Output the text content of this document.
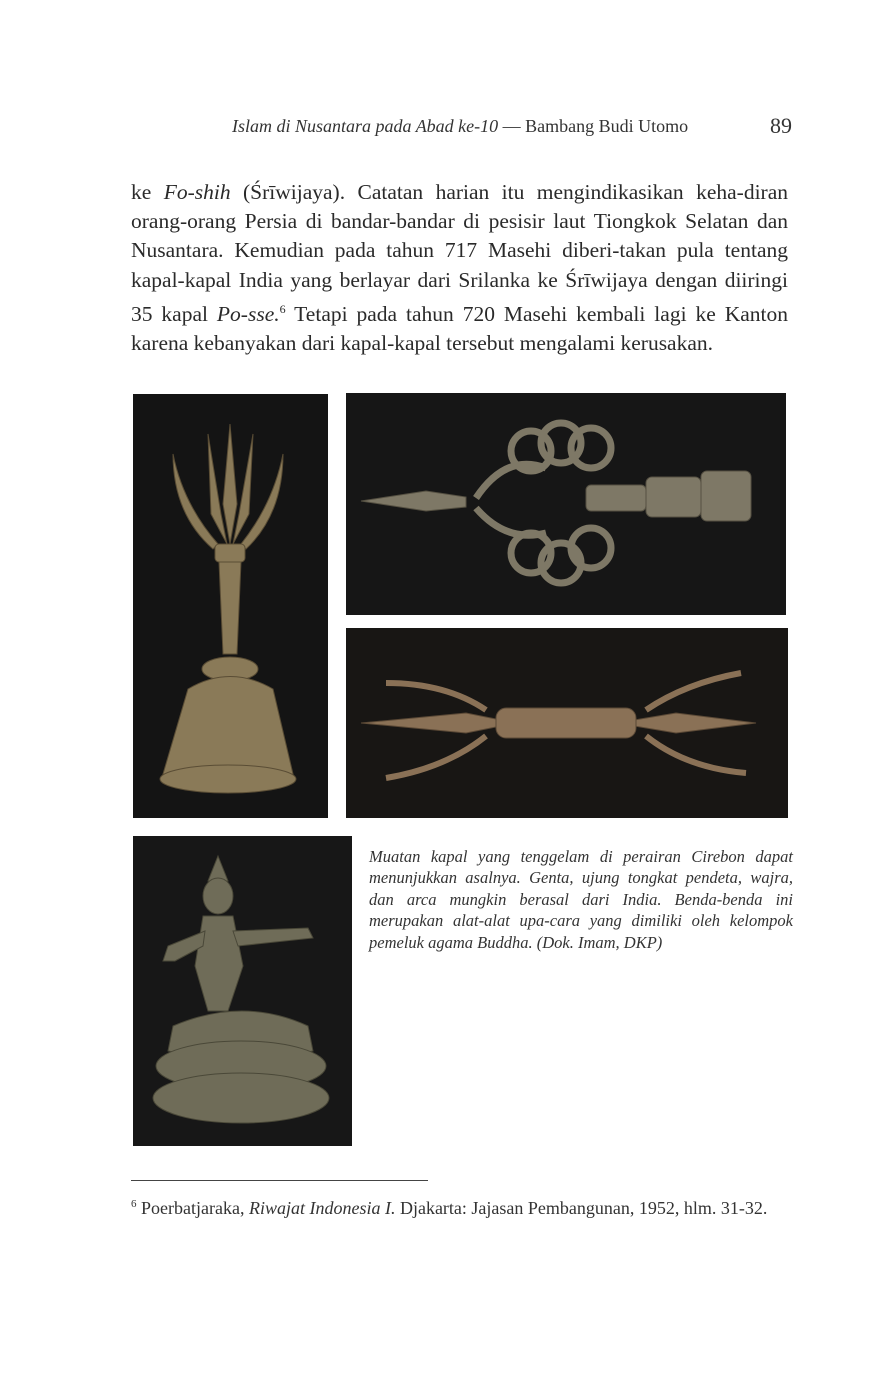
Islam di Nusantara pada Abad ke-10 — Bambang Budi Utomo	89

ke Fo-shih (Śrīwijaya). Catatan harian itu mengindikasikan keha-diran orang-orang Persia di bandar-bandar di pesisir laut Tiongkok Selatan dan Nusantara. Kemudian pada tahun 717 Masehi diberi-takan pula tentang kapal-kapal India yang berlayar dari Srilanka ke Śrīwijaya dengan diiringi 35 kapal Po-sse.$^6$ Tetapi pada tahun 720 Masehi kembali lagi ke Kanton karena kebanyakan dari kapal-kapal tersebut mengalami kerusakan.

Muatan kapal yang tenggelam di perairan Cirebon dapat menunjukkan asalnya. Genta, ujung tongkat pendeta, wajra, dan arca mungkin berasal dari India. Benda-benda ini merupakan alat-alat upa-cara yang dimiliki oleh kelompok pemeluk agama Buddha. (Dok. Imam, DKP)
$^6$ Poerbatjaraka, Riwajat Indonesia I. Djakarta: Jajasan Pembangunan, 1952, hlm. 31-32.
